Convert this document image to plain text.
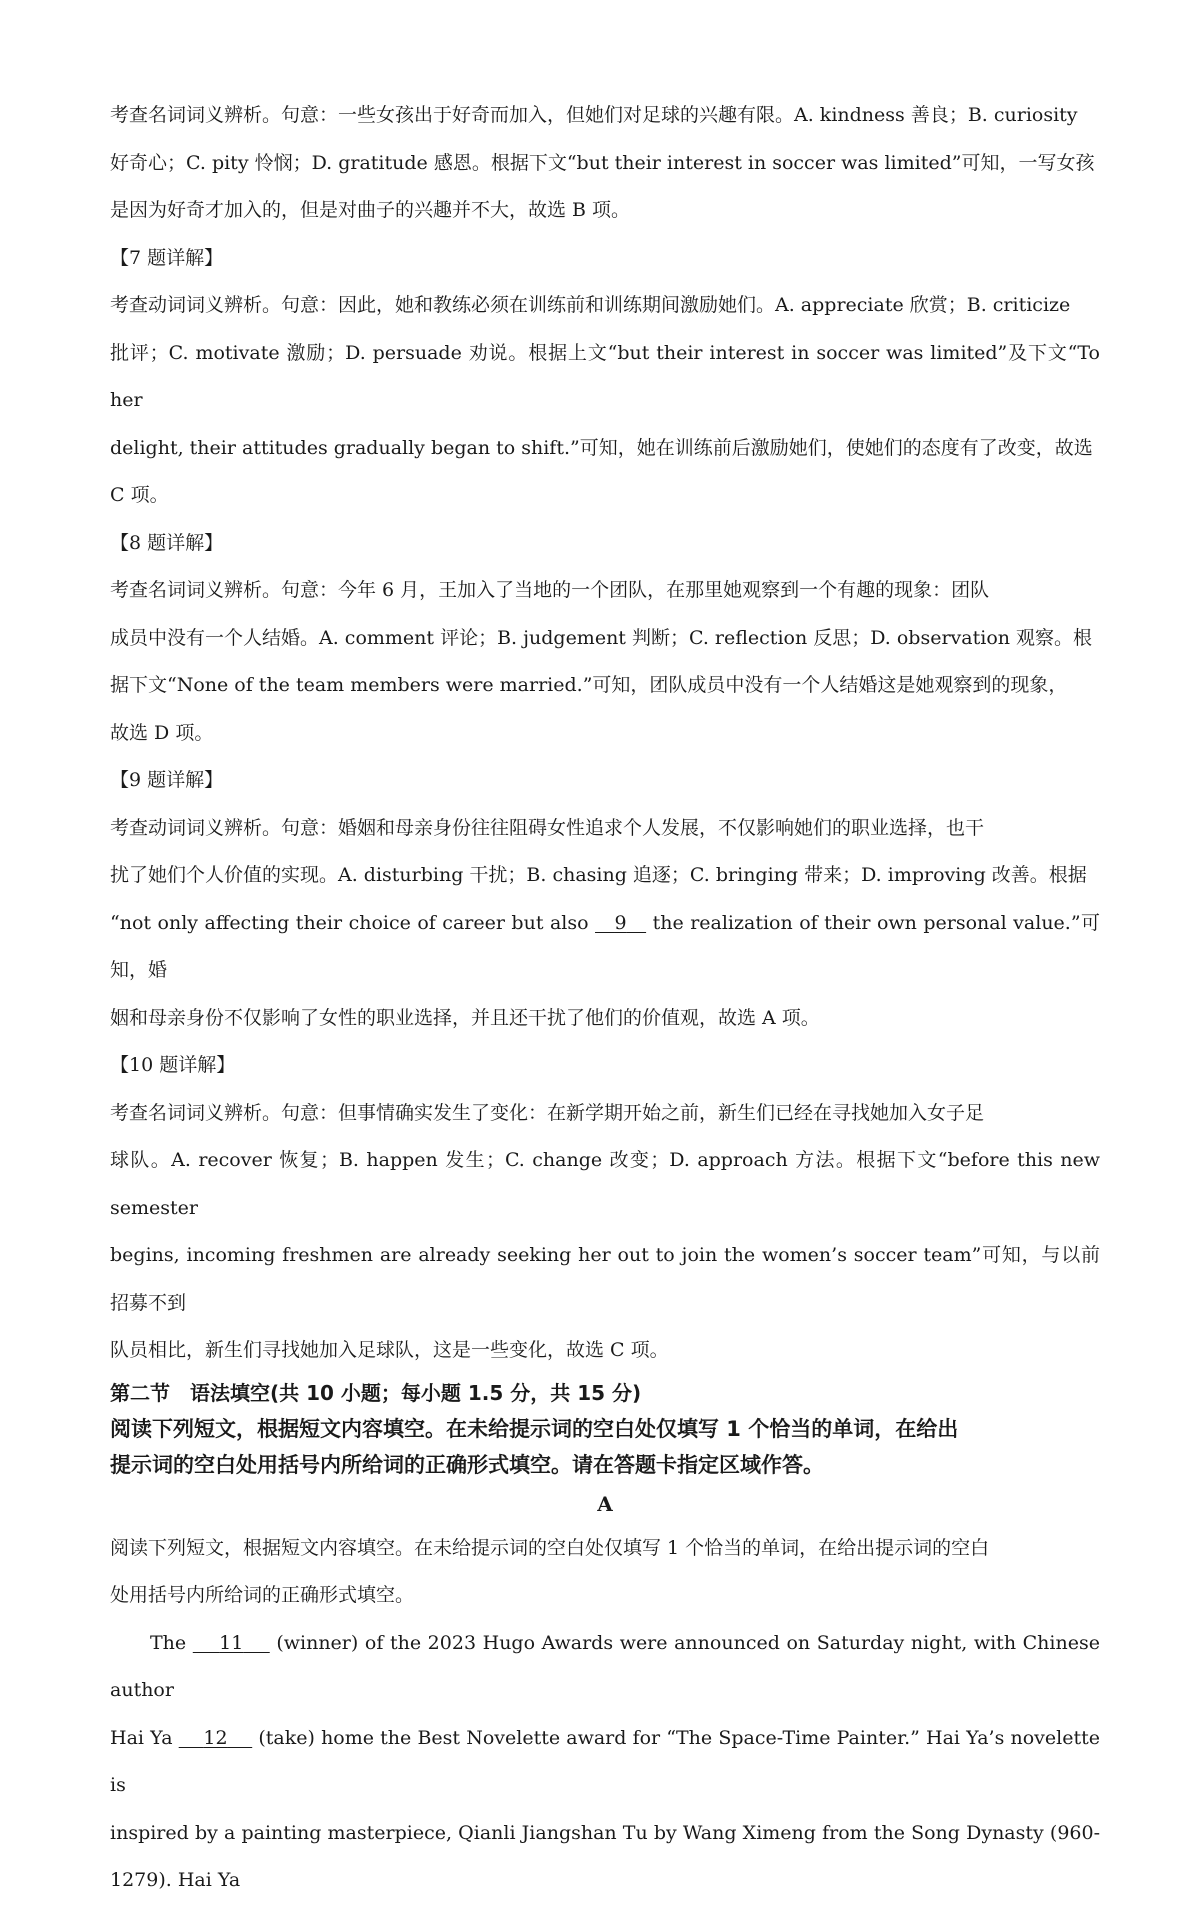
考查名词词义辨析。句意：一些女孩出于好奇而加入，但她们对足球的兴趣有限。A. kindness 善良；B. curiosity

好奇心；C. pity 怜悯；D. gratitude 感恩。根据下文“but their interest in soccer was limited”可知，一写女孩

是因为好奇才加入的，但是对曲子的兴趣并不大，故选 B 项。

【7 题详解】

考查动词词义辨析。句意：因此，她和教练必须在训练前和训练期间激励她们。A. appreciate 欣赏；B. criticize

批评；C. motivate 激励；D. persuade 劝说。根据上文“but their interest in soccer was limited”及下文“To her

delight, their attitudes gradually began to shift.”可知，她在训练前后激励她们，使她们的态度有了改变，故选

C 项。

【8 题详解】

考查名词词义辨析。句意：今年 6 月，王加入了当地的一个团队，在那里她观察到一个有趣的现象：团队

成员中没有一个人结婚。A. comment 评论；B. judgement 判断；C. reflection 反思；D. observation 观察。根

据下文“None of the team members were married.”可知，团队成员中没有一个人结婚这是她观察到的现象，

故选 D 项。

【9 题详解】

考查动词词义辨析。句意：婚姻和母亲身份往往阻碍女性追求个人发展，不仅影响她们的职业选择，也干

扰了她们个人价值的实现。A. disturbing 干扰；B. chasing 追逐；C. bringing 带来；D. improving 改善。根据

“not only affecting their choice of career but also    9    the realization of their own personal value.”可知，婚

姻和母亲身份不仅影响了女性的职业选择，并且还干扰了他们的价值观，故选 A 项。

【10 题详解】

考查名词词义辨析。句意：但事情确实发生了变化：在新学期开始之前，新生们已经在寻找她加入女子足

球队。A. recover 恢复；B. happen 发生；C. change 改变；D. approach 方法。根据下文“before this new semester

begins, incoming freshmen are already seeking her out to join the women’s soccer team”可知，与以前招募不到

队员相比，新生们寻找她加入足球队，这是一些变化，故选 C 项。

第二节　语法填空(共 10 小题；每小题 1.5 分，共 15 分)

阅读下列短文，根据短文内容填空。在未给提示词的空白处仅填写 1 个恰当的单词，在给出

提示词的空白处用括号内所给词的正确形式填空。请在答题卡指定区域作答。

A

阅读下列短文，根据短文内容填空。在未给提示词的空白处仅填写 1 个恰当的单词，在给出提示词的空白

处用括号内所给词的正确形式填空。

The     11     (winner) of the 2023 Hugo Awards were announced on Saturday night, with Chinese author

Hai Ya     12     (take) home the Best Novelette award for “The Space-Time Painter.” Hai Ya’s novelette is

inspired by a painting masterpiece, Qianli Jiangshan Tu by Wang Ximeng from the Song Dynasty (960-1279). Hai Ya
